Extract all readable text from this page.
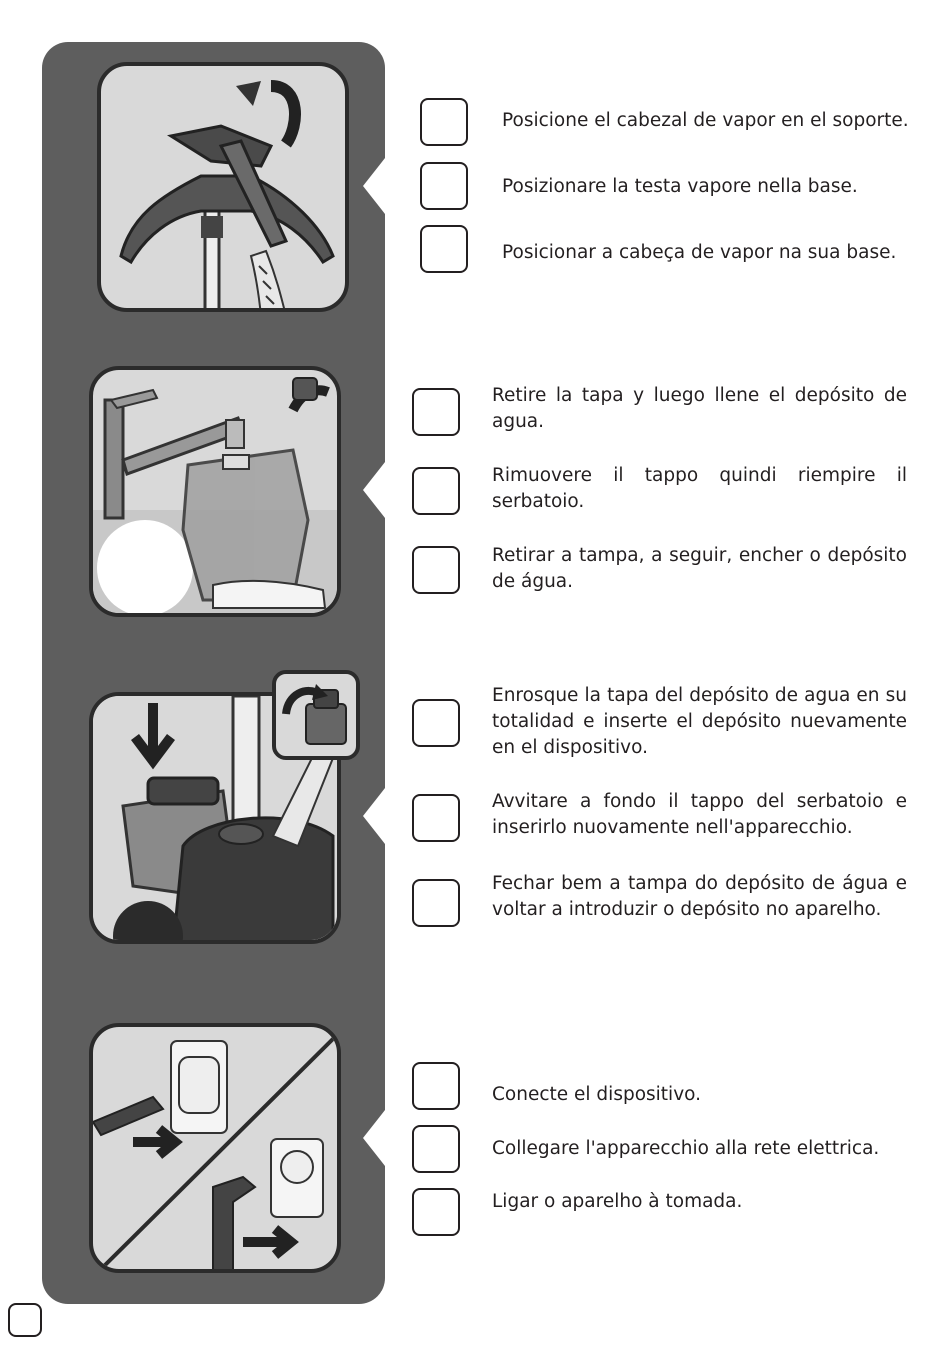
Posicione el cabezal de vapor en el soporte.
Posizionare la testa vapore nella base.
Posicionar a cabeça de vapor na sua base.
Retire la tapa y luego llene el depósito de agua.
Rimuovere il tappo quindi riempire il serbatoio.
Retirar a tampa, a seguir, encher o depósito de água.
Enrosque la tapa del depósito de agua en su totalidad e inserte el depósito nuevamente en el dispositivo.
Avvitare a fondo il tappo del serbatoio e inserirlo nuovamente nell'apparecchio.
Fechar bem a tampa do depósito de água e voltar a introduzir o depósito no aparelho.
Conecte el dispositivo.
Collegare l'apparecchio alla rete elettrica.
Ligar o aparelho à tomada.
